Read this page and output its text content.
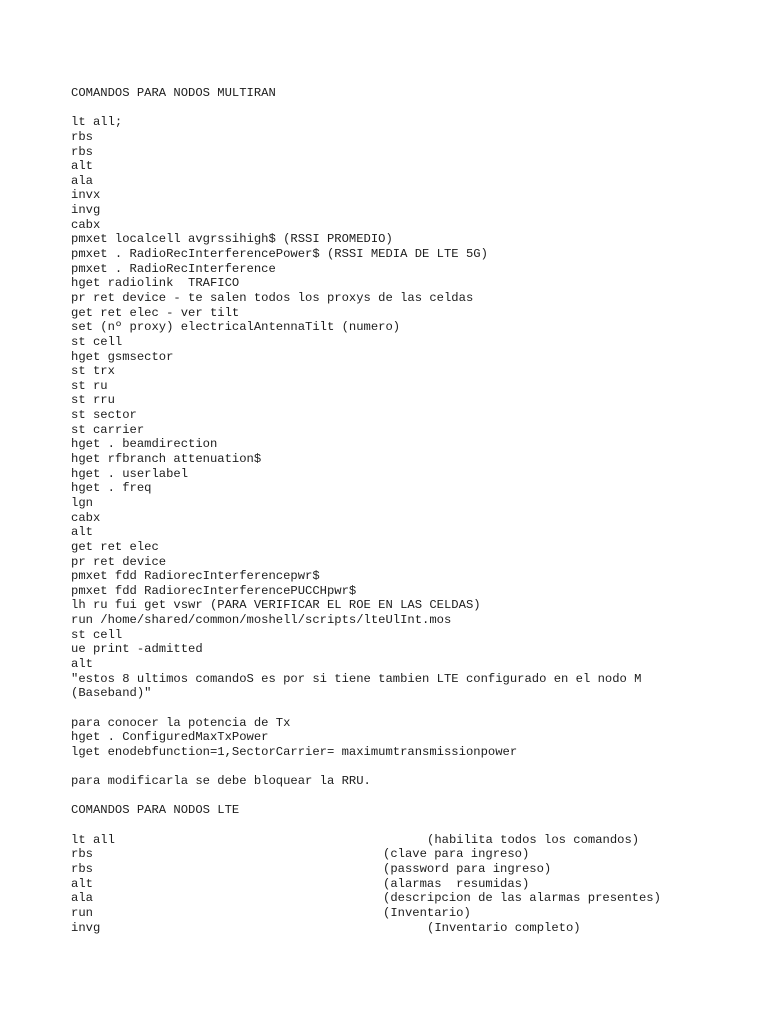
COMANDOS PARA NODOS MULTIRAN
lt all;
rbs
rbs
alt
ala
invx
invg
cabx
pmxet localcell avgrssihigh$ (RSSI PROMEDIO)
pmxet . RadioRecInterferencePower$ (RSSI MEDIA DE LTE 5G)
pmxet . RadioRecInterference
hget radiolink  TRAFICO
pr ret device - te salen todos los proxys de las celdas
get ret elec - ver tilt
set (nº proxy) electricalAntennaTilt (numero)
st cell
hget gsmsector
st trx
st ru
st rru
st sector
st carrier
hget . beamdirection
hget rfbranch attenuation$
hget . userlabel
hget . freq
lgn
cabx
alt
get ret elec
pr ret device
pmxet fdd RadiorecInterferencepwr$
pmxet fdd RadiorecInterferencePUCCHpwr$
lh ru fui get vswr (PARA VERIFICAR EL ROE EN LAS CELDAS)
run /home/shared/common/moshell/scripts/lteUlInt.mos
st cell
ue print -admitted
alt
"estos 8 ultimos comandoS es por si tiene tambien LTE configurado en el nodo M
(Baseband)"
para conocer la potencia de Tx
hget . ConfiguredMaxTxPower
lget enodebfunction=1,SectorCarrier= maximumtransmissionpower
para modificarla se debe bloquear la RRU.
COMANDOS PARA NODOS LTE
lt all	(habilita todos los comandos)
rbs	(clave para ingreso)
rbs	(password para ingreso)
alt	(alarmas  resumidas)
ala	(descripcion de las alarmas presentes)
run	(Inventario)
invg	(Inventario completo)
